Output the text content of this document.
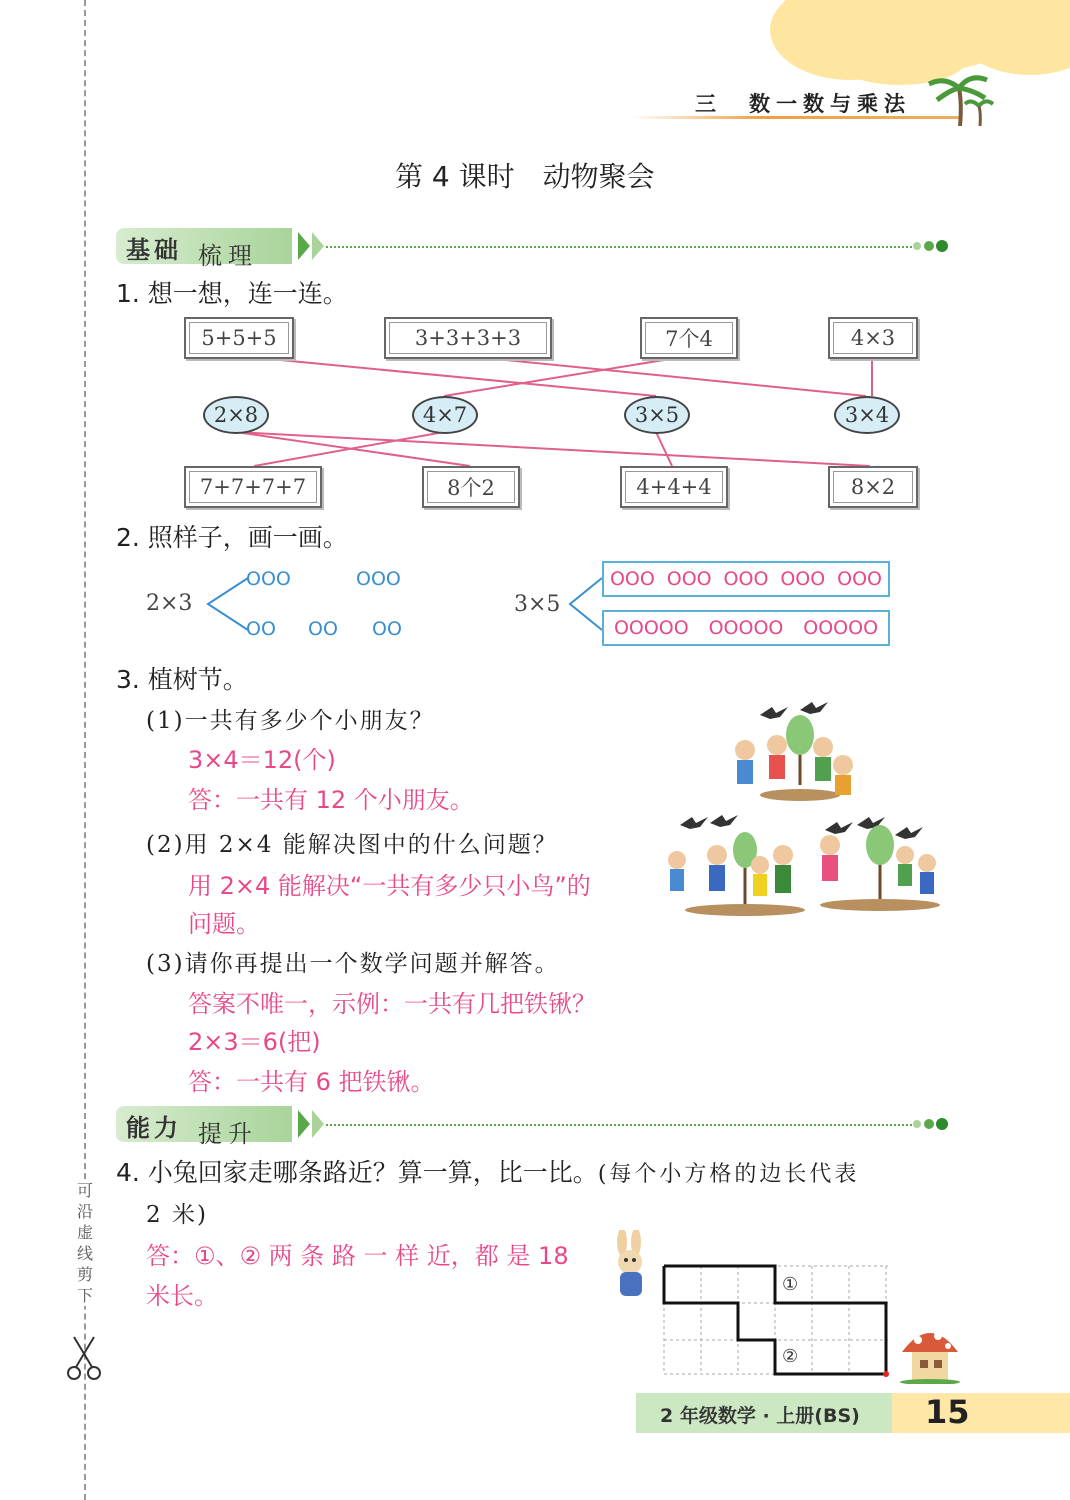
可沿虚线剪下
三　数一数与乘法
第 4 课时　动物聚会
基础 梳理
1. 想一想，连一连。
5+5+5	3+3+3+3	7个4	4×3
2×8	4×7	3×5	3×4
7+7+7+7	8个2	4+4+4	8×2
2. 照样子，画一画。
2×3
OOO	OOO
OO OO OO
3×5
OOO OOO OOO OOO OOO
OOOOO OOOOO OOOOO
3. 植树节。
(1)一共有多少个小朋友？
3×4＝12(个)
答：一共有 12 个小朋友。
(2)用 2×4 能解决图中的什么问题？
用 2×4 能解决“一共有多少只小鸟”的
问题。
(3)请你再提出一个数学问题并解答。
答案不唯一，示例：一共有几把铁锹？
2×3＝6(把)
答：一共有 6 把铁锹。
能力 提升
4. 小兔回家走哪条路近？算一算，比一比。(每个小方格的边长代表
2 米)
答：①、② 两 条 路 一 样 近，都 是 18
米长。	①
②
2 年级数学 · 上册(BS) 15
